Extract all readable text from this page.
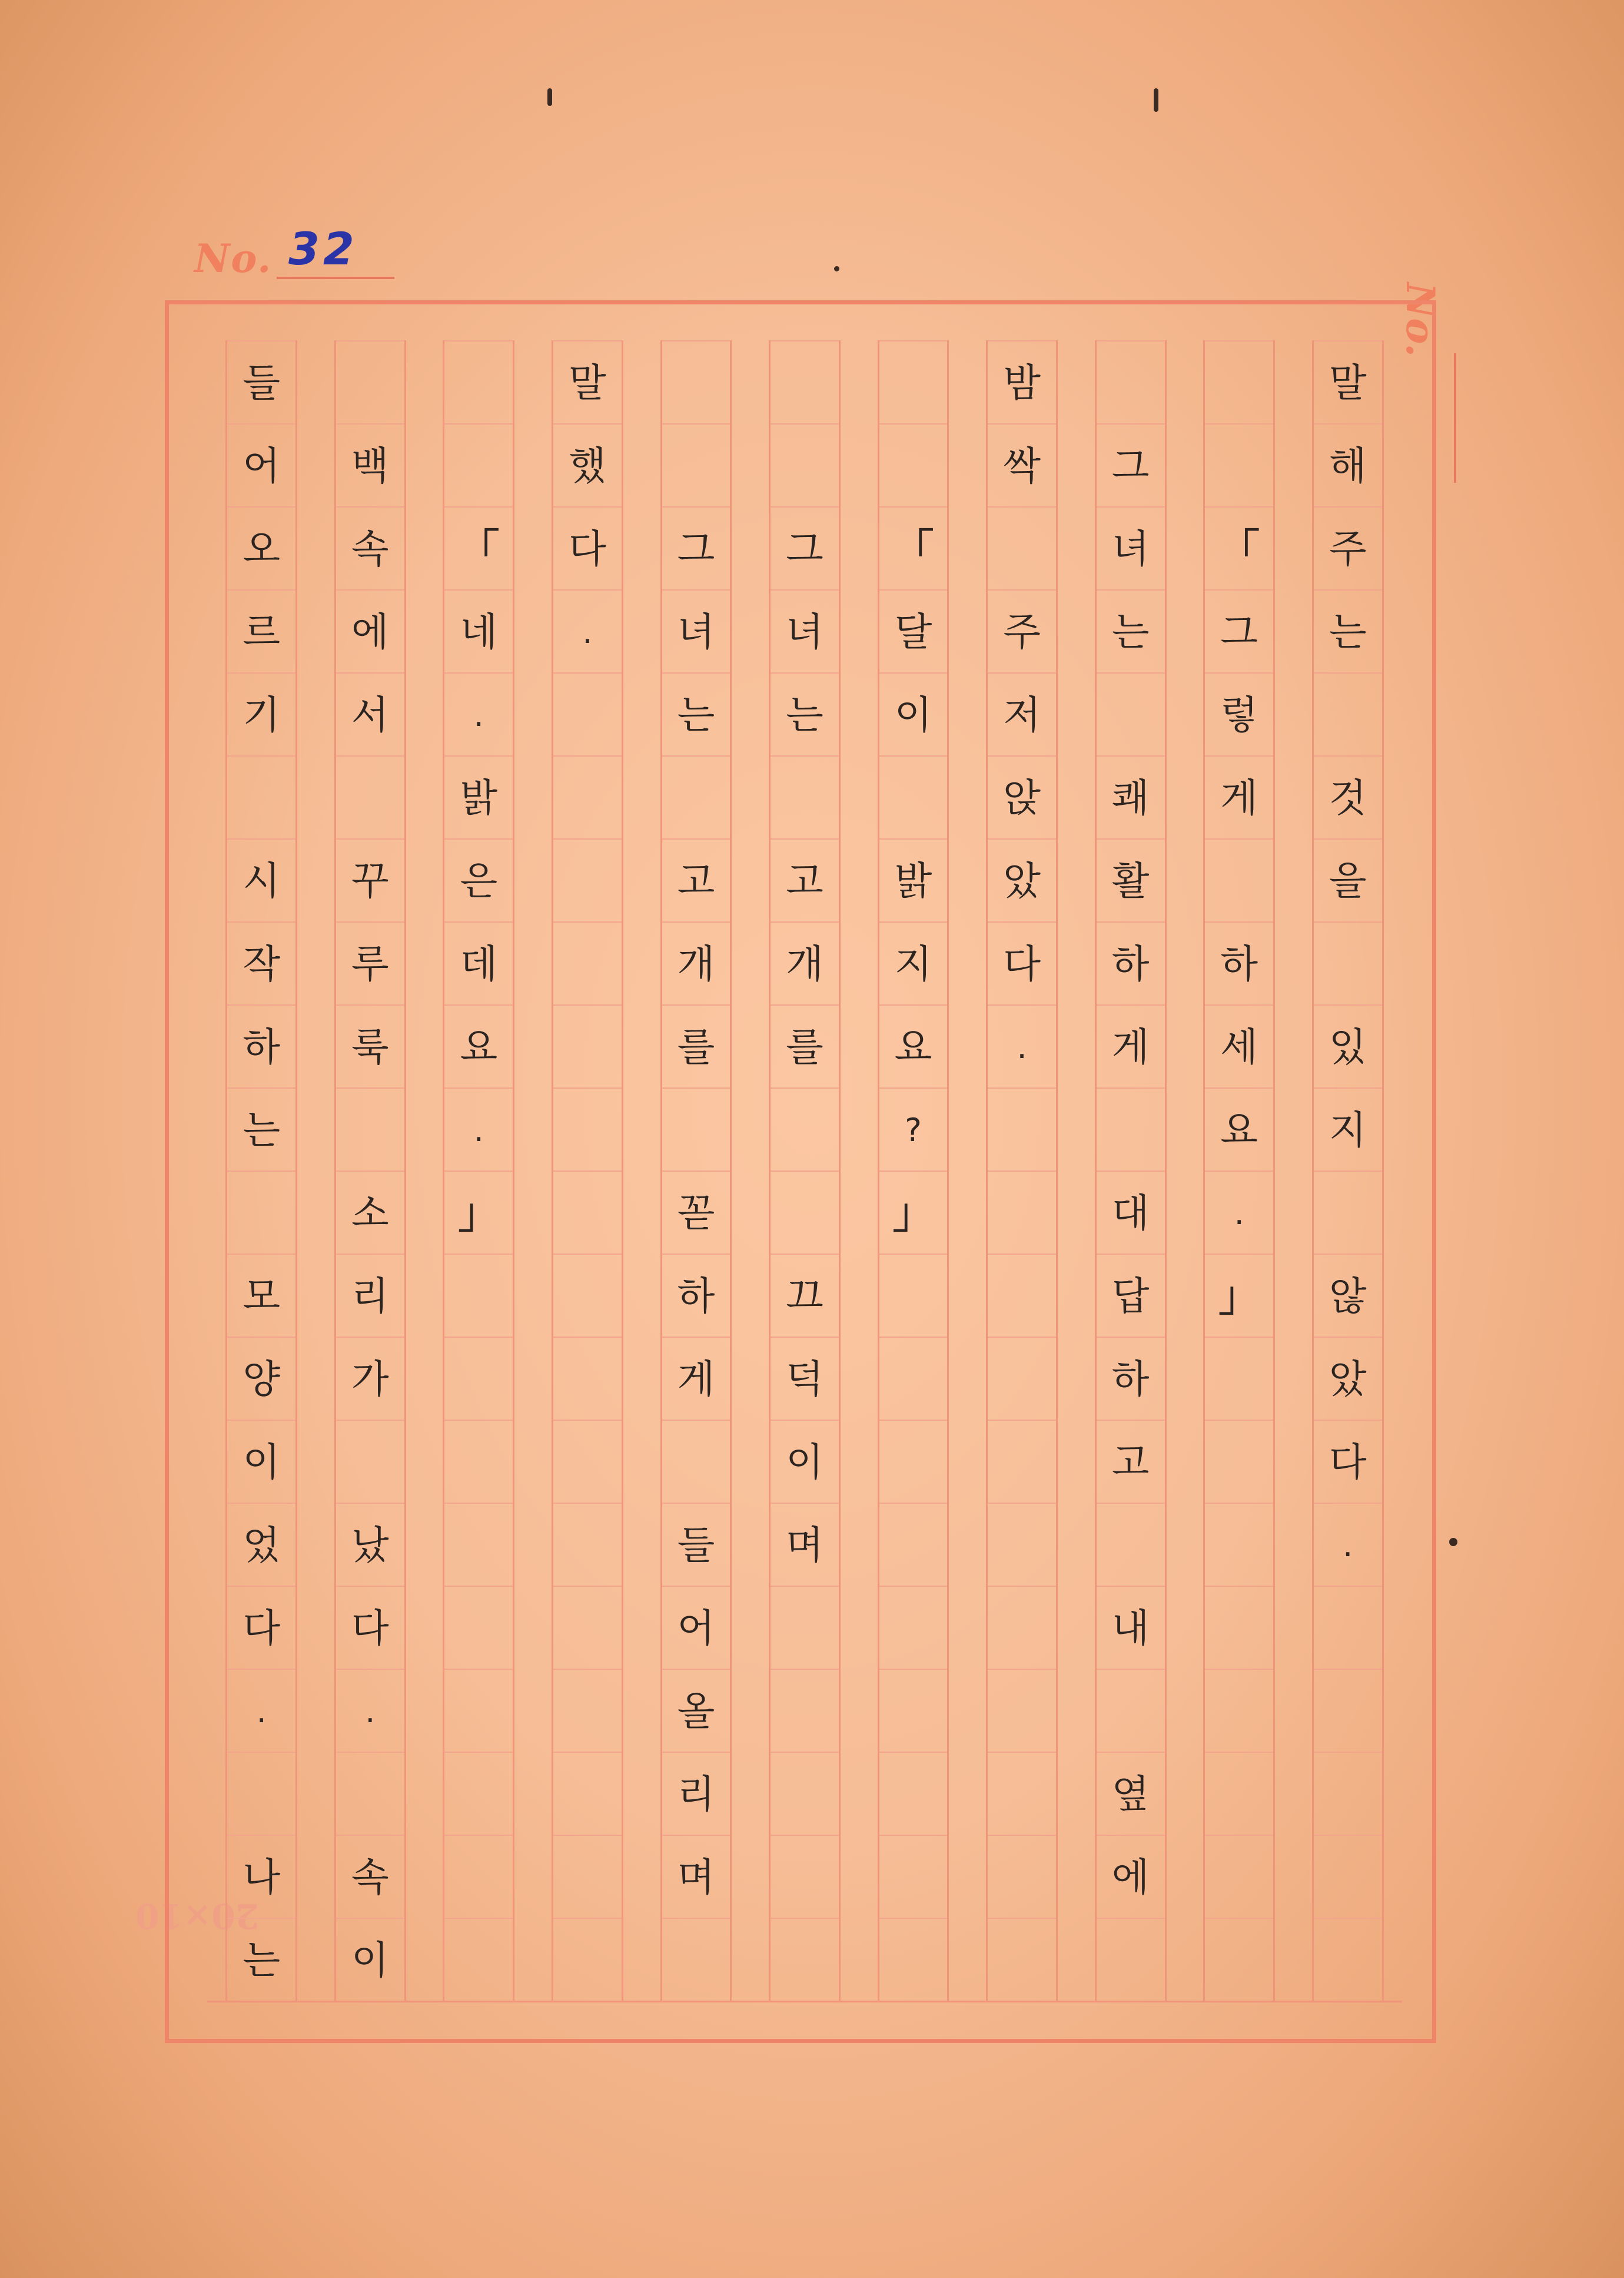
No. 32
No.
20×10
말
해
주
는
것
을
있
지
않
았
다
.
「
그
렇
게
하
세
요
.
」
그
녀
는
쾌
활
하
게
대
답
하
고
내
옆
에
밤
싹
주
저
앉
았
다
.
「
달
이
밝
지
요
?
」
그
녀
는
고
개
를
끄
덕
이
며
그
녀
는
고
개
를
꼳
하
게
들
어
올
리
며
말
했
다
.
「
네
.
밝
은
데
요
.
」
백
속
에
서
꾸
루
룩
소
리
가
났
다
.
속
이
들
어
오
르
기
시
작
하
는
모
양
이
었
다
.
나
는
